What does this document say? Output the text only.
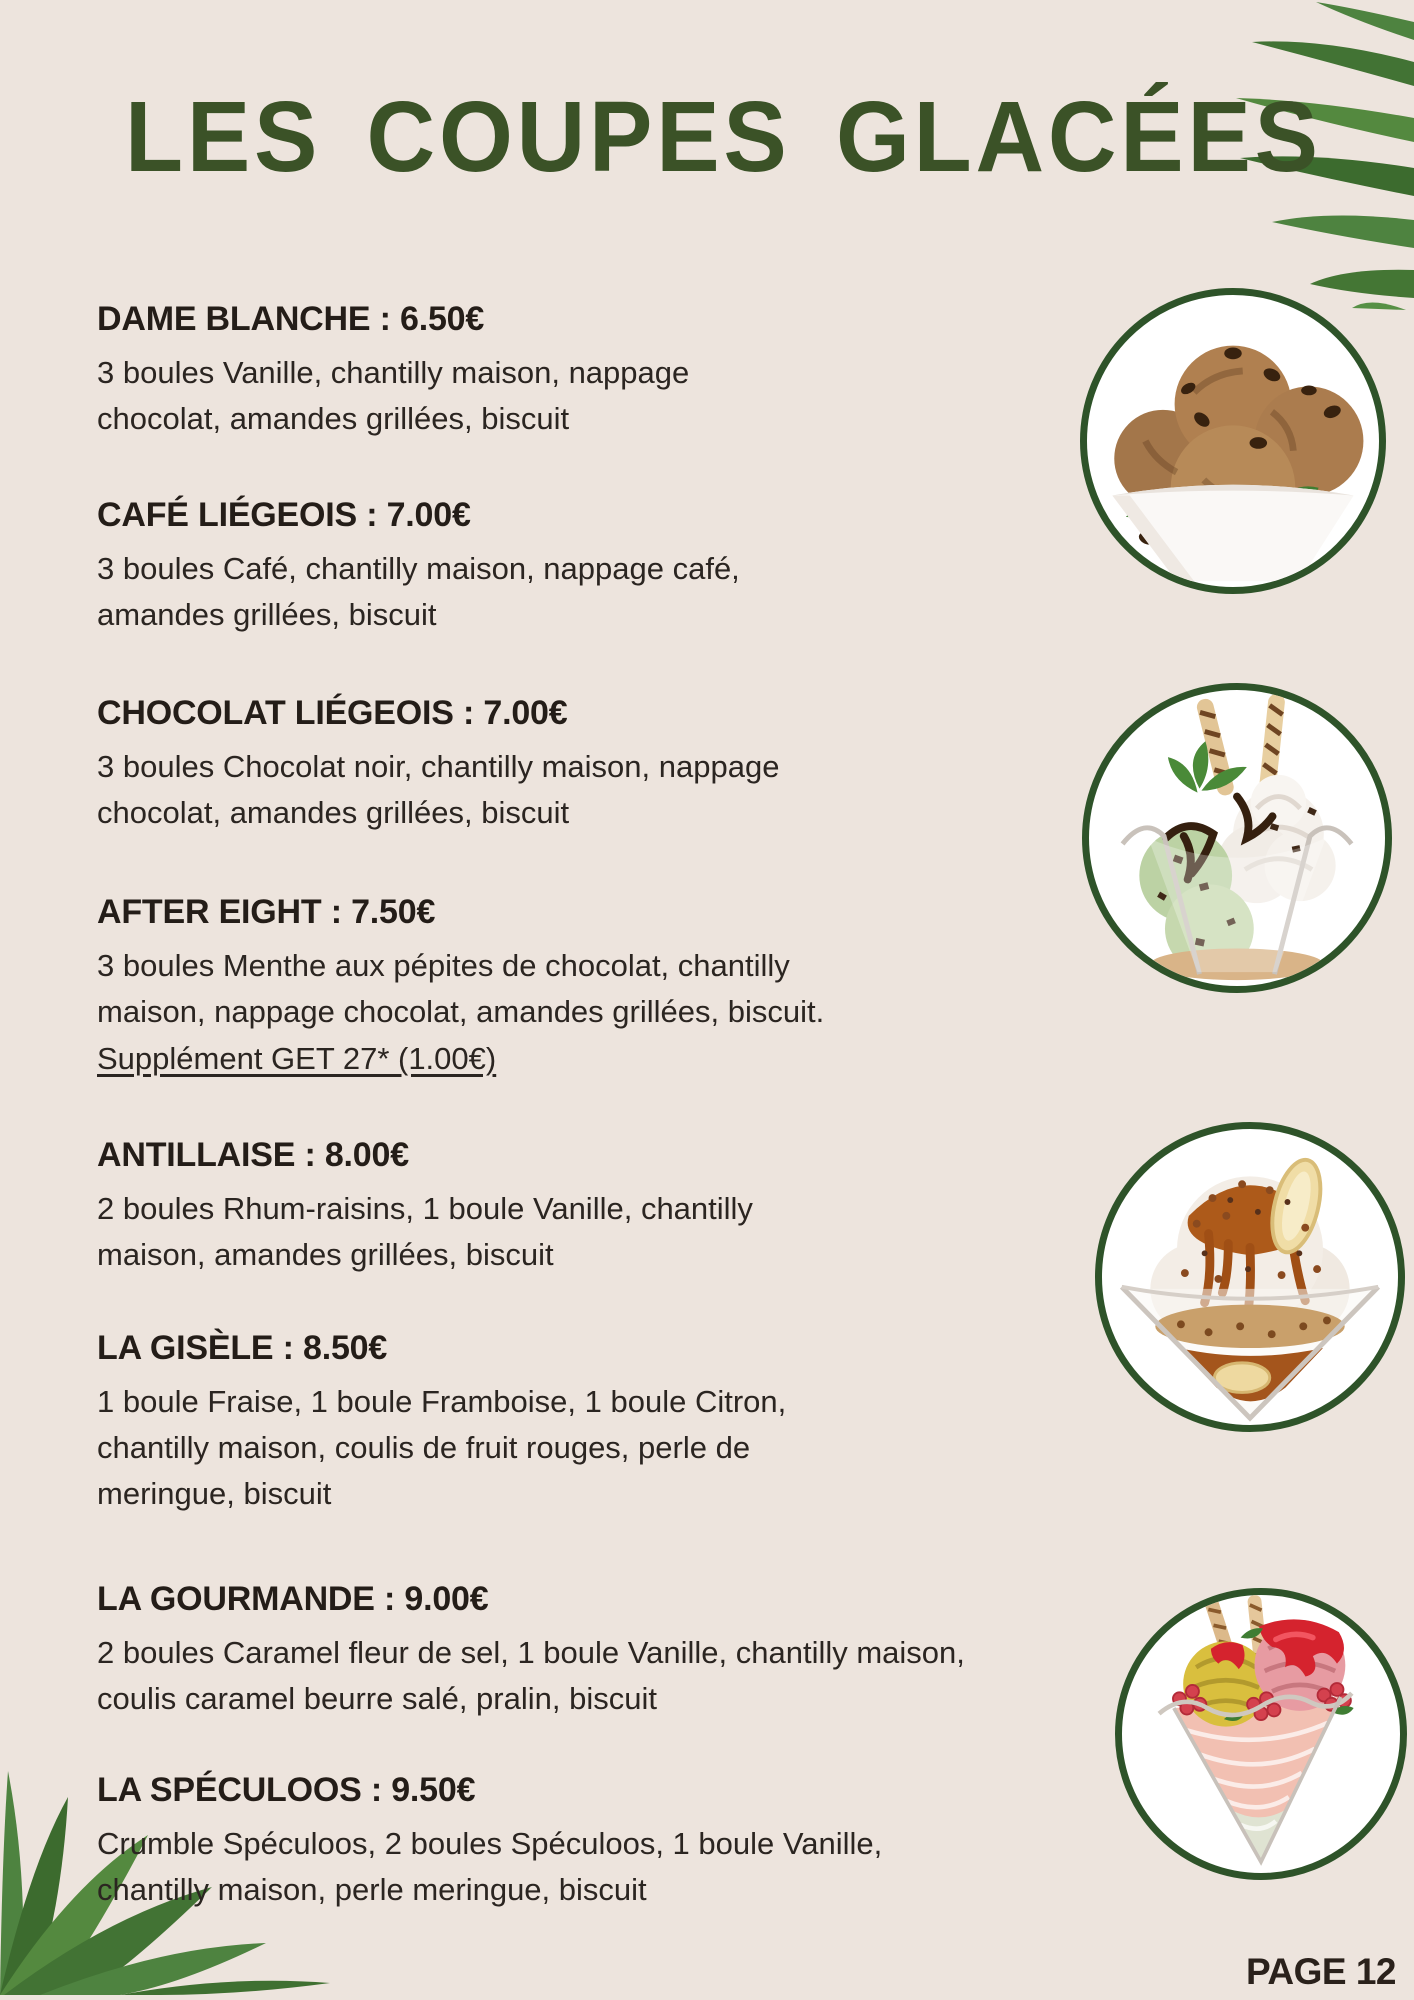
LES COUPES GLACÉES
DAME BLANCHE : 6.50€
3 boules Vanille, chantilly maison, nappage
chocolat, amandes grillées, biscuit
CAFÉ LIÉGEOIS : 7.00€
3 boules Café, chantilly maison, nappage café,
amandes grillées, biscuit
CHOCOLAT LIÉGEOIS : 7.00€
3 boules Chocolat noir, chantilly maison, nappage
chocolat, amandes grillées, biscuit
AFTER EIGHT : 7.50€
3 boules Menthe aux pépites de chocolat, chantilly
maison, nappage chocolat, amandes grillées, biscuit.
Supplément GET 27* (1.00€)
ANTILLAISE : 8.00€
2 boules Rhum-raisins, 1 boule Vanille, chantilly
maison, amandes grillées, biscuit
LA GISÈLE : 8.50€
1 boule Fraise, 1 boule Framboise, 1 boule Citron,
chantilly maison, coulis de fruit rouges, perle de
meringue, biscuit
LA GOURMANDE : 9.00€
2 boules Caramel fleur de sel, 1 boule Vanille, chantilly maison,
coulis caramel beurre salé, pralin, biscuit
LA SPÉCULOOS : 9.50€
Crumble Spéculoos, 2 boules Spéculoos, 1 boule Vanille,
chantilly maison, perle meringue, biscuit
PAGE 12
